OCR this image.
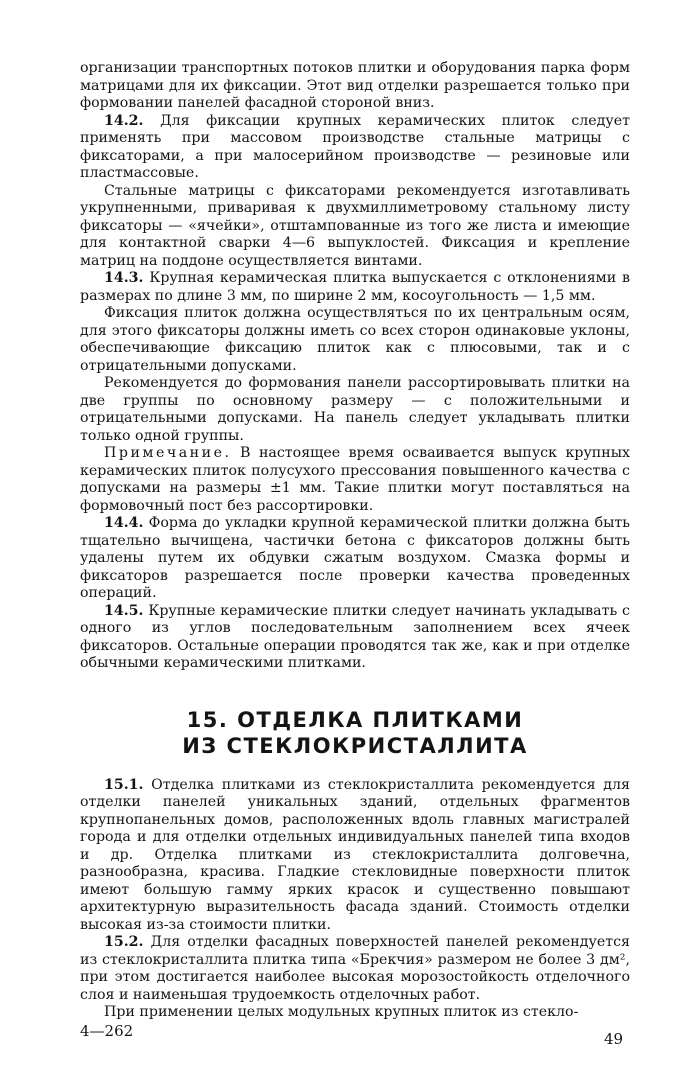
организации транспортных потоков плитки и оборудования парка форм матрицами для их фиксации. Этот вид отделки разрешается только при формовании панелей фасадной стороной вниз.

14.2. Для фиксации крупных керамических плиток следует применять при массовом производстве стальные матрицы с фиксаторами, а при малосерийном производстве — резиновые или пластмассовые.

Стальные матрицы с фиксаторами рекомендуется изготавливать укрупненными, приваривая к двухмиллиметровому стальному листу фиксаторы — «ячейки», отштампованные из того же листа и имеющие для контактной сварки 4—6 выпуклостей. Фиксация и крепление матриц на поддоне осуществляется винтами.

14.3. Крупная керамическая плитка выпускается с отклонениями в размерах по длине 3 мм, по ширине 2 мм, косоугольность — 1,5 мм.

Фиксация плиток должна осуществляться по их центральным осям, для этого фиксаторы должны иметь со всех сторон одинаковые уклоны, обеспечивающие фиксацию плиток как с плюсовыми, так и с отрицательными допусками.

Рекомендуется до формования панели рассортировывать плитки на две группы по основному размеру — с положительными и отрицательными допусками. На панель следует укладывать плитки только одной группы.

Примечание. В настоящее время осваивается выпуск крупных керамических плиток полусухого прессования повышенного качества с допусками на размеры ±1 мм. Такие плитки могут поставляться на формовочный пост без рассортировки.

14.4. Форма до укладки крупной керамической плитки должна быть тщательно вычищена, частички бетона с фиксаторов должны быть удалены путем их обдувки сжатым воздухом. Смазка формы и фиксаторов разрешается после проверки качества проведенных операций.

14.5. Крупные керамические плитки следует начинать укладывать с одного из углов последовательным заполнением всех ячеек фиксаторов. Остальные операции проводятся так же, как и при отделке обычными керамическими плитками.

15. ОТДЕЛКА ПЛИТКАМИ
ИЗ СТЕКЛОКРИСТАЛЛИТА

15.1. Отделка плитками из стеклокристаллита рекомендуется для отделки панелей уникальных зданий, отдельных фрагментов крупнопанельных домов, расположенных вдоль главных магистралей города и для отделки отдельных индивидуальных панелей типа входов и др. Отделка плитками из стеклокристаллита долговечна, разнообразна, красива. Гладкие стекловидные поверхности плиток имеют большую гамму ярких красок и существенно повышают архитектурную выразительность фасада зданий. Стоимость отделки высокая из-за стоимости плитки.

15.2. Для отделки фасадных поверхностей панелей рекомендуется из стеклокристаллита плитка типа «Брекчия» размером не более 3 дм², при этом достигается наиболее высокая морозостойкость отделочного слоя и наименьшая трудоемкость отделочных работ.

При применении целых модульных крупных плиток из стекло-

4—262	49
